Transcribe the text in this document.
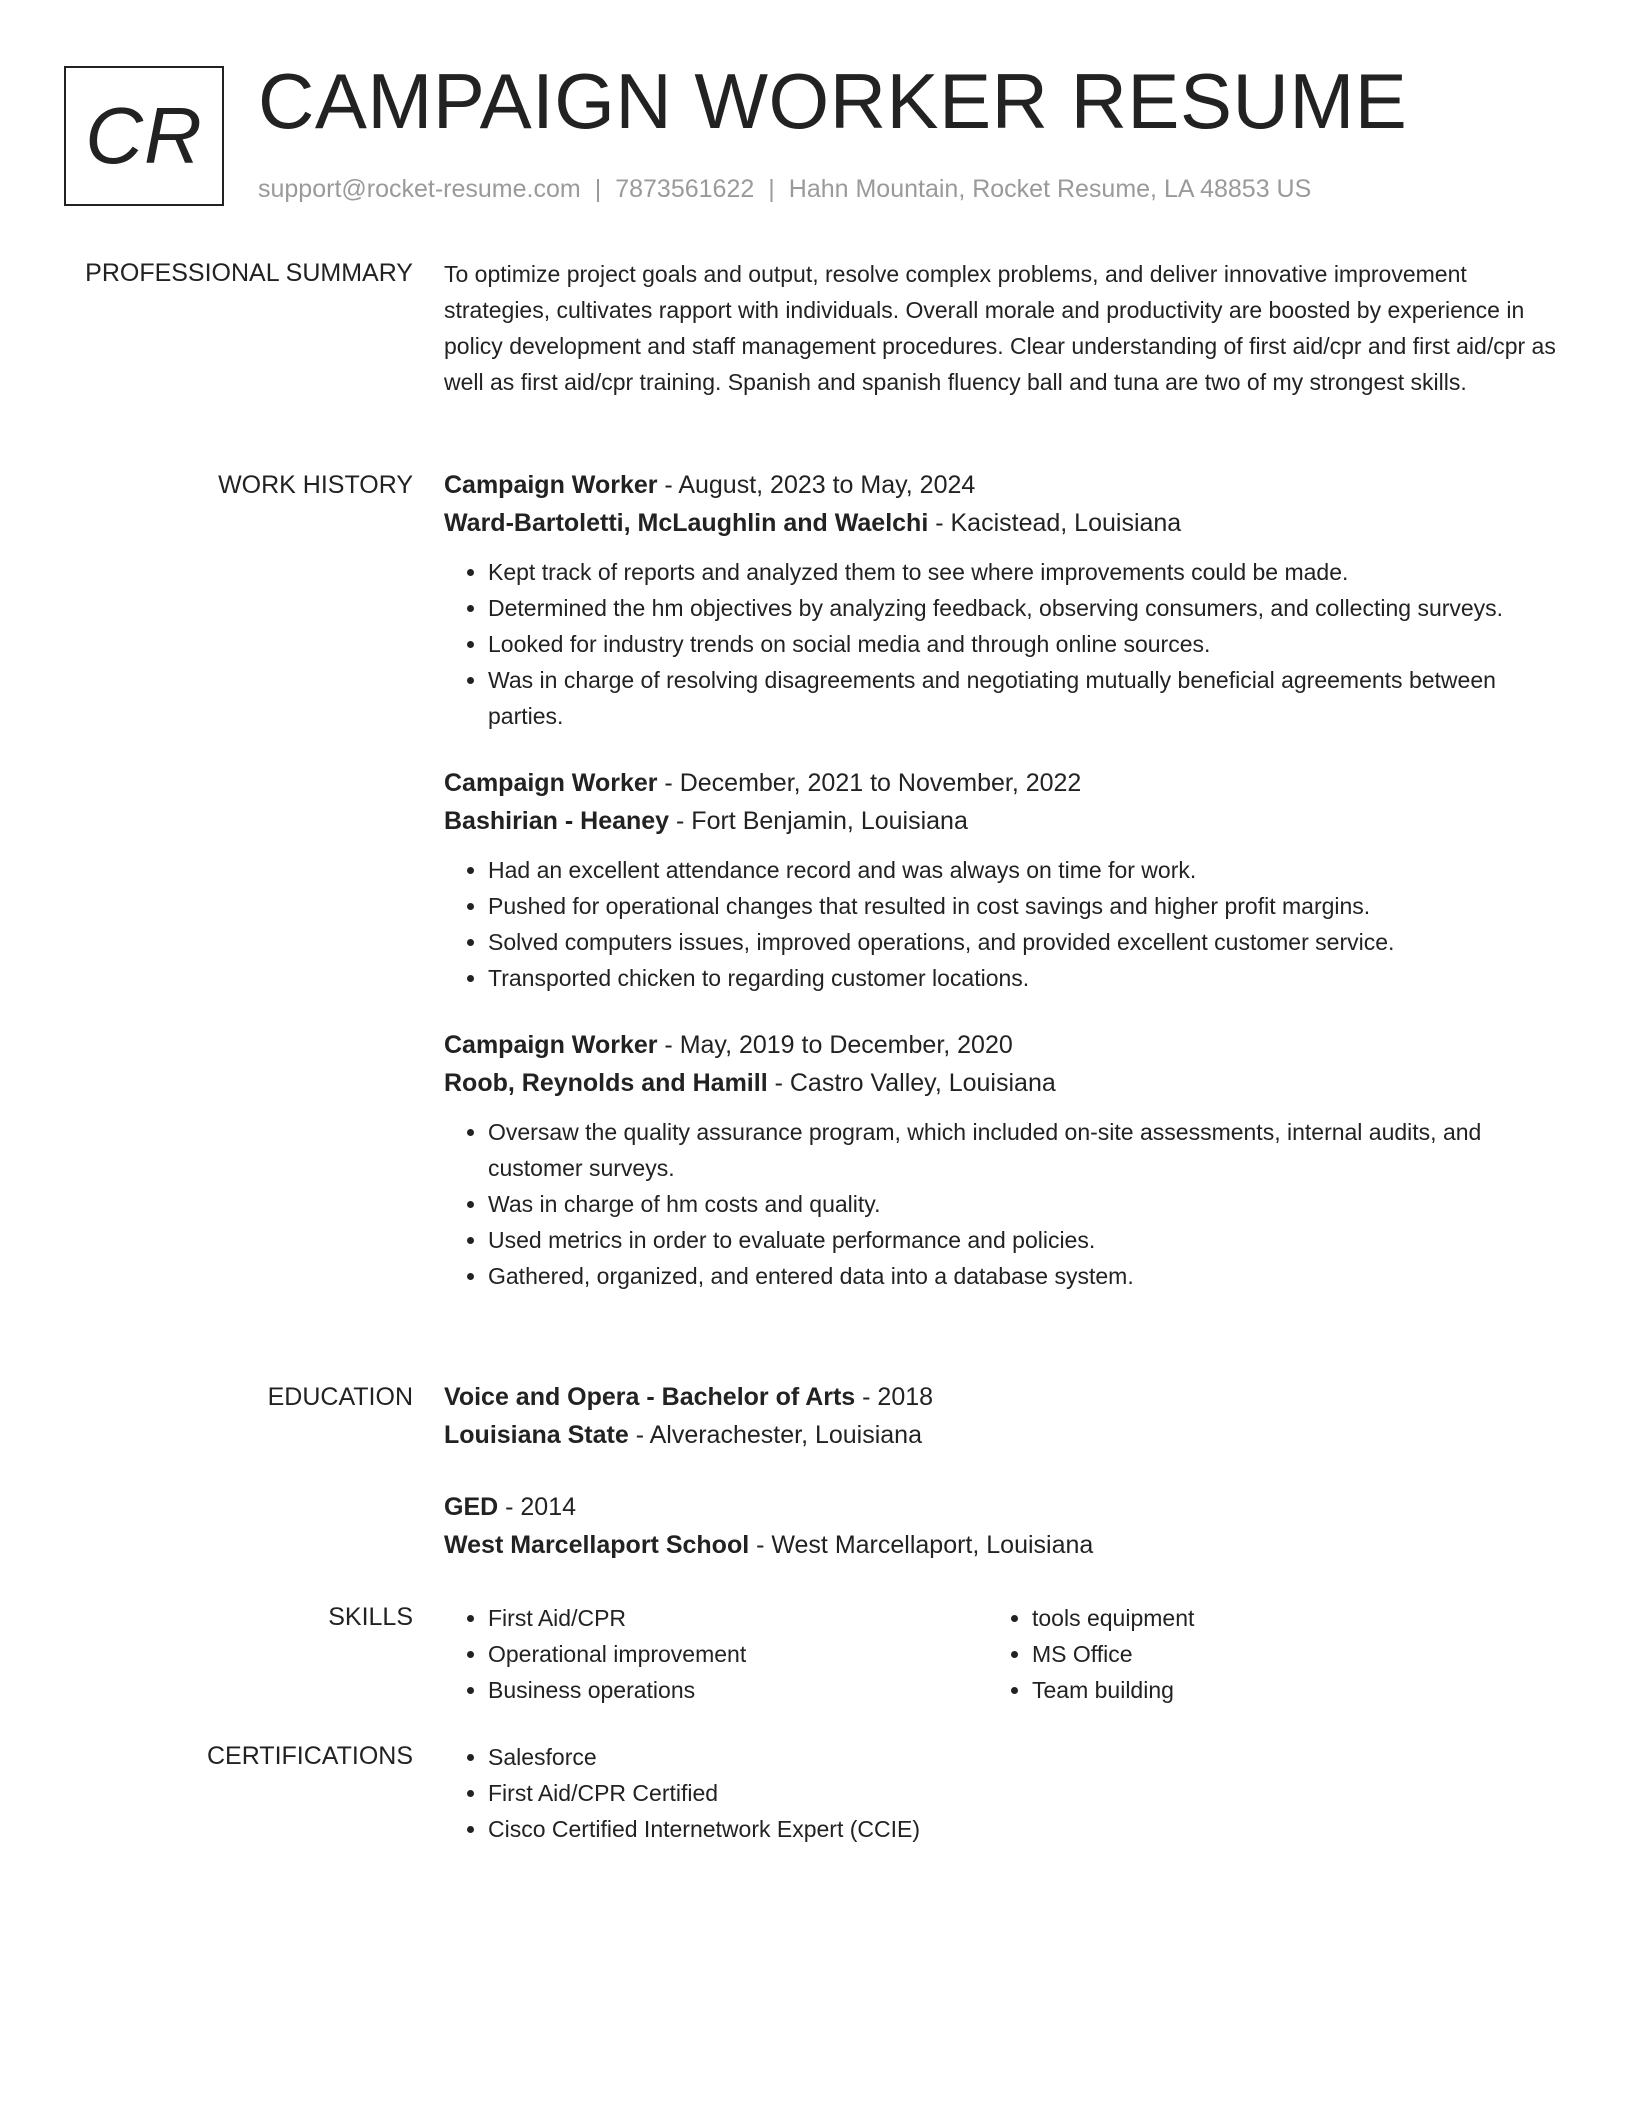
CR CAMPAIGN WORKER RESUME
support@rocket-resume.com | 7873561622 | Hahn Mountain, Rocket Resume, LA 48853 US
PROFESSIONAL SUMMARY To optimize project goals and output, resolve complex problems, and deliver innovative improvement strategies, cultivates rapport with individuals. Overall morale and productivity are boosted by experience in policy development and staff management procedures. Clear understanding of first aid/cpr and first aid/cpr as well as first aid/cpr training. Spanish and spanish fluency ball and tuna are two of my strongest skills.

WORK HISTORY Campaign Worker - August, 2023 to May, 2024
Ward-Bartoletti, McLaughlin and Waelchi - Kacistead, Louisiana
• Kept track of reports and analyzed them to see where improvements could be made.
• Determined the hm objectives by analyzing feedback, observing consumers, and collecting surveys.
• Looked for industry trends on social media and through online sources.
• Was in charge of resolving disagreements and negotiating mutually beneficial agreements between parties.
Campaign Worker - December, 2021 to November, 2022
Bashirian - Heaney - Fort Benjamin, Louisiana
• Had an excellent attendance record and was always on time for work.
• Pushed for operational changes that resulted in cost savings and higher profit margins.
• Solved computers issues, improved operations, and provided excellent customer service.
• Transported chicken to regarding customer locations.
Campaign Worker - May, 2019 to December, 2020
Roob, Reynolds and Hamill - Castro Valley, Louisiana
• Oversaw the quality assurance program, which included on-site assessments, internal audits, and customer surveys.
• Was in charge of hm costs and quality.
• Used metrics in order to evaluate performance and policies.
• Gathered, organized, and entered data into a database system.
EDUCATION Voice and Opera - Bachelor of Arts - 2018
Louisiana State - Alverachester, Louisiana
GED - 2014
West Marcellaport School - West Marcellaport, Louisiana
SKILLS	• First Aid/CPR
• Operational improvement
• Business operations
• tools equipment
• MS Office
• Team building
CERTIFICATIONS	• Salesforce
• First Aid/CPR Certified
• Cisco Certified Internetwork Expert (CCIE)
